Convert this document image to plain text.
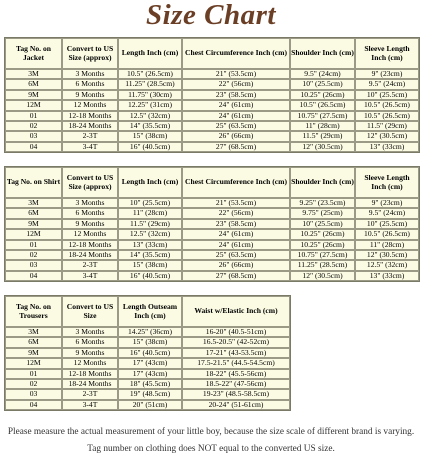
Size Chart
Tag No. on Jacket	Convert to US Size (approx)	Length Inch (cm)	Chest Circumference Inch (cm)	Shoulder Inch (cm)	Sleeve Length Inch (cm)
3M	3 Months	10.5" (26.5cm)	21" (53.5cm)	9.5" (24cm)	9" (23cm)
6M	6 Months	11.25" (28.5cm)	22" (56cm)	10" (25.5cm)	9.5" (24cm)
9M	9 Months	11.75" (30cm)	23" (58.5cm)	10.25" (26cm)	10" (25.5cm)
12M	12 Months	12.25" (31cm)	24" (61cm)	10.5" (26.5cm)	10.5" (26.5cm)
01	12-18 Months	12.5" (32cm)	24" (61cm)	10.75" (27.5cm)	10.5" (26.5cm)
02	18-24 Months	14" (35.5cm)	25" (63.5cm)	11" (28cm)	11.5" (29cm)
03	2-3T	15" (38cm)	26" (66cm)	11.5" (29cm)	12" (30.5cm)
04	3-4T	16" (40.5cm)	27" (68.5cm)	12" (30.5cm)	13" (33cm)
Tag No. on Shirt	Convert to US Size (approx)	Length Inch (cm)	Chest Circumference Inch (cm)	Shoulder Inch (cm)	Sleeve Length Inch (cm)
3M	3 Months	10" (25.5cm)	21" (53.5cm)	9.25" (23.5cm)	9" (23cm)
6M	6 Months	11" (28cm)	22" (56cm)	9.75" (25cm)	9.5" (24cm)
9M	9 Months	11.5" (29cm)	23" (58.5cm)	10" (25.5cm)	10" (25.5cm)
12M	12 Months	12.5" (32cm)	24" (61cm)	10.25" (26cm)	10.5" (26.5cm)
01	12-18 Months	13" (33cm)	24" (61cm)	10.25" (26cm)	11" (28cm)
02	18-24 Months	14" (35.5cm)	25" (63.5cm)	10.75" (27.5cm)	12" (30.5cm)
03	2-3T	15" (38cm)	26" (66cm)	11.25" (28.5cm)	12.5" (32cm)
04	3-4T	16" (40.5cm)	27" (68.5cm)	12" (30.5cm)	13" (33cm)
Tag No. on Trousers	Convert to US Size	Length Outseam Inch (cm)	Waist w/Elastic Inch (cm)
3M	3 Months	14.25" (36cm)	16-20" (40.5-51cm)
6M	6 Months	15" (38cm)	16.5-20.5" (42-52cm)
9M	9 Months	16" (40.5cm)	17-21" (43-53.5cm)
12M	12 Months	17" (43cm)	17.5-21.5" (44.5-54.5cm)
01	12-18 Months	17" (43cm)	18-22" (45.5-56cm)
02	18-24 Months	18" (45.5cm)	18.5-22" (47-56cm)
03	2-3T	19" (48.5cm)	19-23" (48.5-58.5cm)
04	3-4T	20" (51cm)	20-24" (51-61cm)
Please measure the actual measurement of your little boy, because the size scale of different brand is varying.
Tag number on clothing does NOT equal to the converted US size.
